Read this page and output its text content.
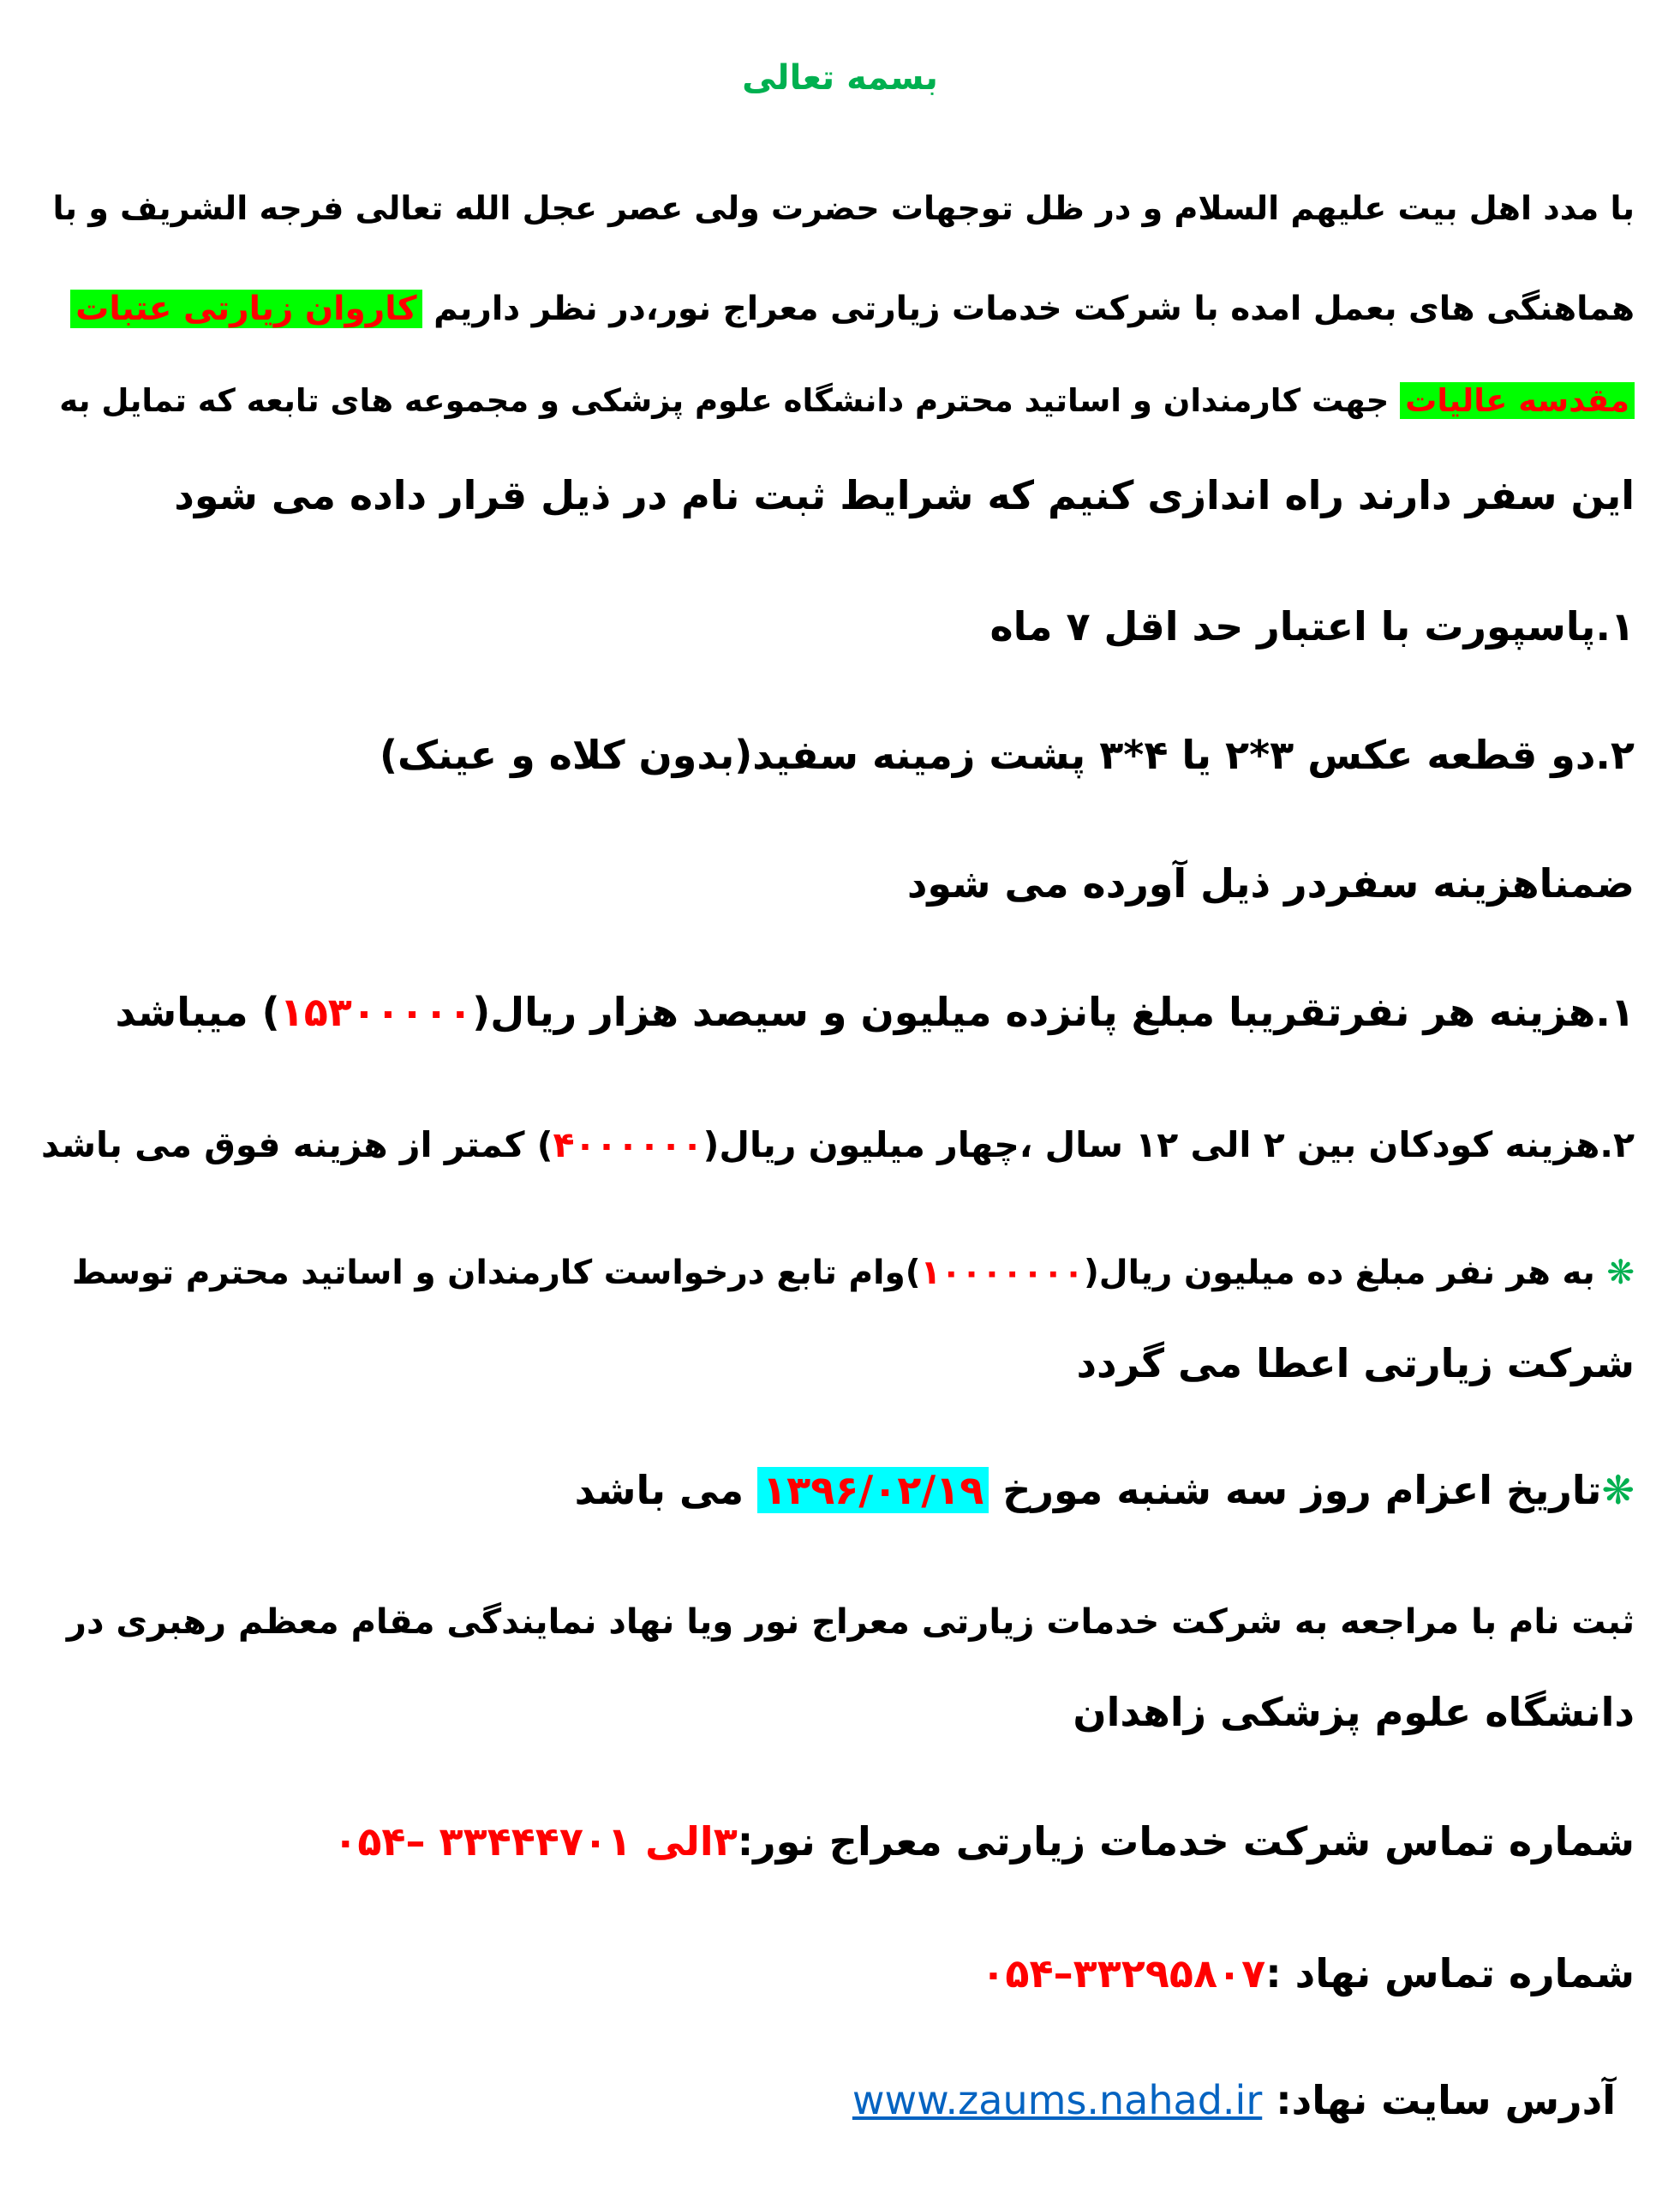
بسمه تعالی
با مدد اهل بیت علیهم السلام و در ظل توجهات حضرت ولی عصر عجل الله تعالی فرجه الشریف و با
هماهنگی های بعمل امده با شرکت خدمات زیارتی معراج نور،در نظر داریم کاروان زیارتی عتبات
مقدسه عالیات جهت کارمندان و اساتید محترم دانشگاه علوم پزشکی و مجموعه های تابعه که تمایل به
این سفر دارند راه اندازی کنیم که شرایط ثبت نام در ذیل قرار داده می شود
۱.پاسپورت با اعتبار حد اقل ۷ ماه
۲.دو قطعه عکس ۳*۲ یا ۴*۳ پشت زمینه سفید(بدون کلاه و عینک)
ضمناهزینه سفردر ذیل آورده می شود
۱.هزینه هر نفرتقریبا مبلغ پانزده میلیون و سیصد هزار ریال(۱۵۳۰۰۰۰۰) میباشد
۲.هزینه کودکان بین ۲ الی ۱۲ سال ،چهار میلیون ریال(۴۰۰۰۰۰۰) کمتر از هزینه فوق می باشد
❋ به هر نفر مبلغ ده میلیون ریال(۱۰۰۰۰۰۰۰)وام تابع درخواست کارمندان و اساتید محترم توسط
شرکت زیارتی اعطا می گردد
❋تاریخ اعزام روز سه شنبه مورخ ۱۳۹۶/۰۲/۱۹ می باشد
ثبت نام با مراجعه به شرکت خدمات زیارتی معراج نور ویا نهاد نمایندگی مقام معظم رهبری در
دانشگاه علوم پزشکی زاهدان
شماره تماس شرکت خدمات زیارتی معراج نور:۳الی ۳۳۴۴۴۷۰۱ –۰۵۴
شماره تماس نهاد :۰۵۴–۳۳۲۹۵۸۰۷
آدرس سایت نهاد: www.zaums.nahad.ir
